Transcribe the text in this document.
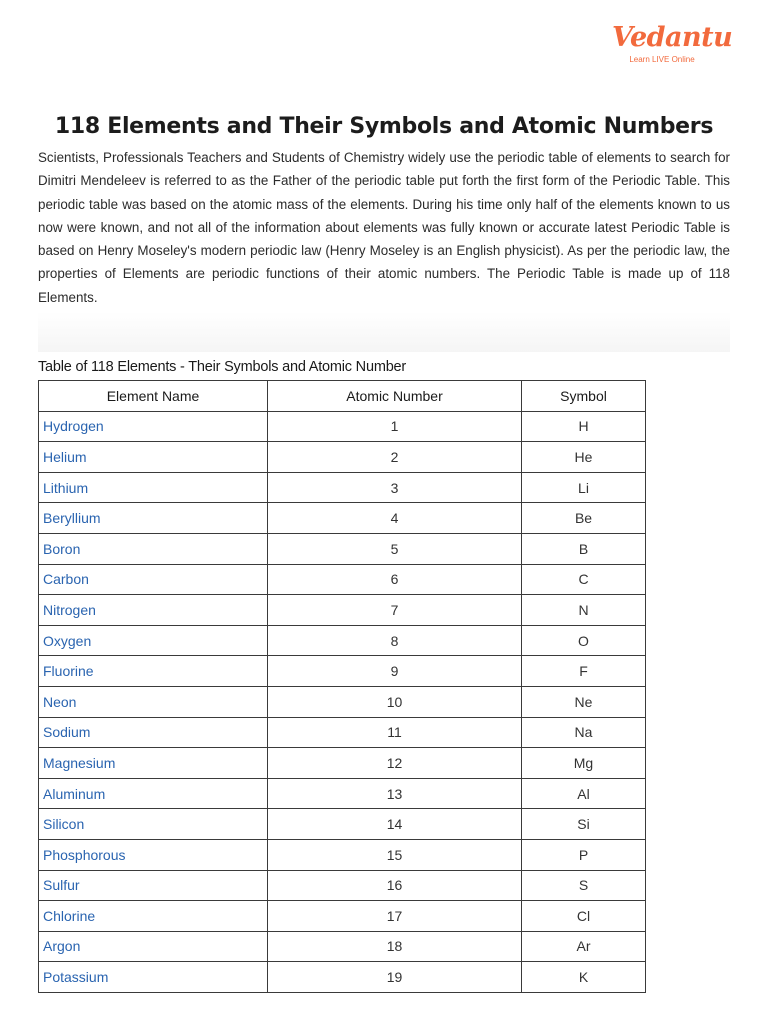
Vedantu
Learn LIVE Online
118 Elements and Their Symbols and Atomic Numbers

Scientists, Professionals Teachers and Students of Chemistry widely use the periodic table of elements to search for Dimitri Mendeleev is referred to as the Father of the periodic table put forth the first form of the Periodic Table. This periodic table was based on the atomic mass of the elements. During his time only half of the elements known to us now were known, and not all of the information about elements was fully known or accurate latest Periodic Table is based on Henry Moseley's modern periodic law (Henry Moseley is an English physicist). As per the periodic law, the properties of Elements are periodic functions of their atomic numbers. The Periodic Table is made up of 118 Elements.

Table of 118 Elements - Their Symbols and Atomic Number
Element Name	Atomic Number	Symbol
Hydrogen	1	H
Helium	2	He
Lithium	3	Li
Beryllium	4	Be
Boron	5	B
Carbon	6	C
Nitrogen	7	N
Oxygen	8	O
Fluorine	9	F
Neon	10	Ne
Sodium	11	Na
Magnesium	12	Mg
Aluminum	13	Al
Silicon	14	Si
Phosphorous	15	P
Sulfur	16	S
Chlorine	17	Cl
Argon	18	Ar
Potassium	19	K
